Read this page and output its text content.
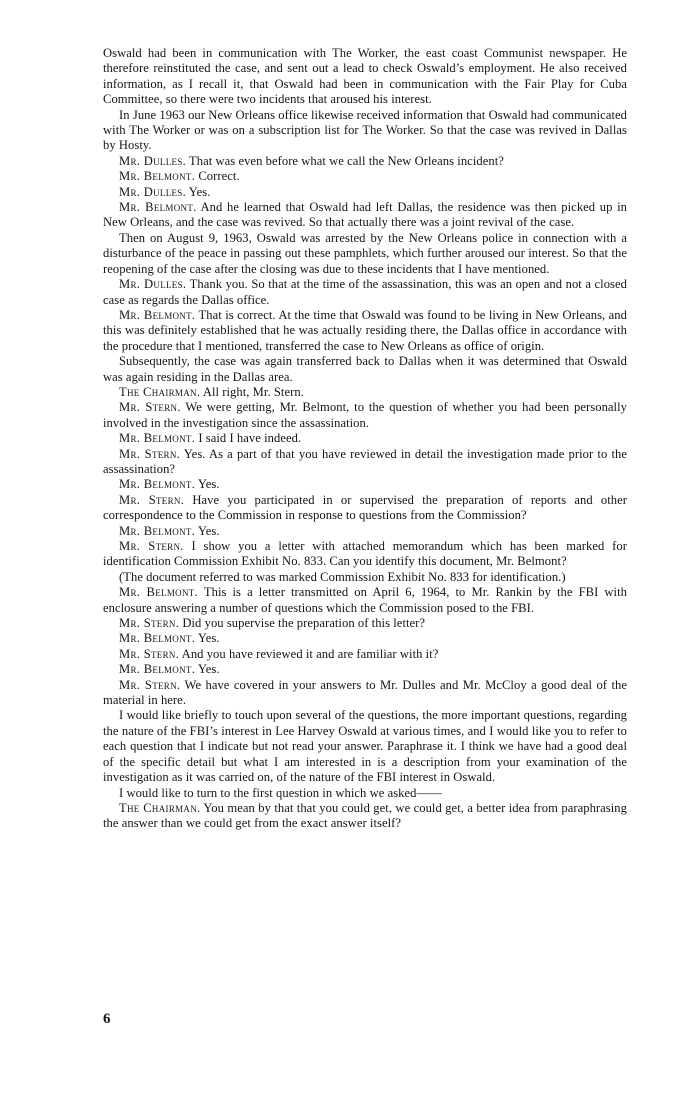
Oswald had been in communication with The Worker, the east coast Communist newspaper. He therefore reinstituted the case, and sent out a lead to check Oswald’s employment. He also received information, as I recall it, that Oswald had been in communication with the Fair Play for Cuba Committee, so there were two incidents that aroused his interest.

In June 1963 our New Orleans office likewise received information that Oswald had communicated with The Worker or was on a subscription list for The Worker. So that the case was revived in Dallas by Hosty.

Mr. Dulles. That was even before what we call the New Orleans incident?

Mr. Belmont. Correct.

Mr. Dulles. Yes.

Mr. Belmont. And he learned that Oswald had left Dallas, the residence was then picked up in New Orleans, and the case was revived. So that actually there was a joint revival of the case.

Then on August 9, 1963, Oswald was arrested by the New Orleans police in connection with a disturbance of the peace in passing out these pamphlets, which further aroused our interest. So that the reopening of the case after the closing was due to these incidents that I have mentioned.

Mr. Dulles. Thank you. So that at the time of the assassination, this was an open and not a closed case as regards the Dallas office.

Mr. Belmont. That is correct. At the time that Oswald was found to be living in New Orleans, and this was definitely established that he was actually residing there, the Dallas office in accordance with the procedure that I mentioned, transferred the case to New Orleans as office of origin.

Subsequently, the case was again transferred back to Dallas when it was determined that Oswald was again residing in the Dallas area.

The Chairman. All right, Mr. Stern.

Mr. Stern. We were getting, Mr. Belmont, to the question of whether you had been personally involved in the investigation since the assassination.

Mr. Belmont. I said I have indeed.

Mr. Stern. Yes. As a part of that you have reviewed in detail the investigation made prior to the assassination?

Mr. Belmont. Yes.

Mr. Stern. Have you participated in or supervised the preparation of reports and other correspondence to the Commission in response to questions from the Commission?

Mr. Belmont. Yes.

Mr. Stern. I show you a letter with attached memorandum which has been marked for identification Commission Exhibit No. 833. Can you identify this document, Mr. Belmont?

(The document referred to was marked Commission Exhibit No. 833 for identification.)

Mr. Belmont. This is a letter transmitted on April 6, 1964, to Mr. Rankin by the FBI with enclosure answering a number of questions which the Commission posed to the FBI.

Mr. Stern. Did you supervise the preparation of this letter?

Mr. Belmont. Yes.

Mr. Stern. And you have reviewed it and are familiar with it?

Mr. Belmont. Yes.

Mr. Stern. We have covered in your answers to Mr. Dulles and Mr. McCloy a good deal of the material in here.

I would like briefly to touch upon several of the questions, the more important questions, regarding the nature of the FBI’s interest in Lee Harvey Oswald at various times, and I would like you to refer to each question that I indicate but not read your answer. Paraphrase it. I think we have had a good deal of the specific detail but what I am interested in is a description from your examination of the investigation as it was carried on, of the nature of the FBI interest in Oswald.

I would like to turn to the first question in which we asked——

The Chairman. You mean by that that you could get, we could get, a better idea from paraphrasing the answer than we could get from the exact answer itself?

6
